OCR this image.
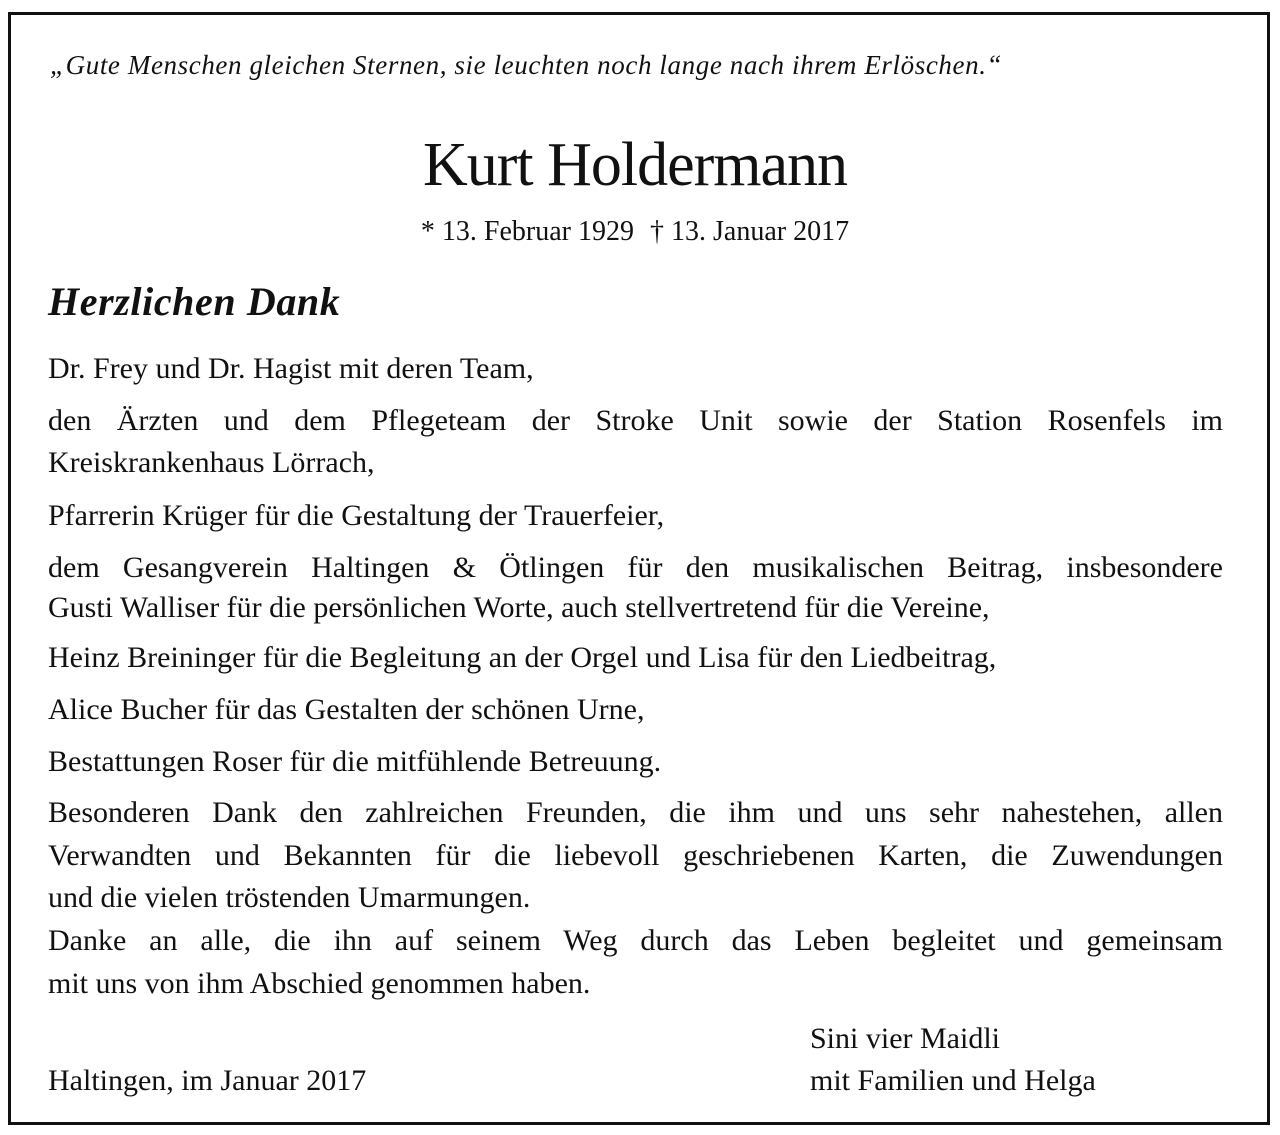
„Gute Menschen gleichen Sternen, sie leuchten noch lange nach ihrem Erlöschen.“

Kurt Holdermann
* 13. Februar 1929 † 13. Januar 2017
Herzlichen Dank

Dr. Frey und Dr. Hagist mit deren Team,

den Ärzten und dem Pflegeteam der Stroke Unit sowie der Station Rosenfels im

Kreiskrankenhaus Lörrach,

Pfarrerin Krüger für die Gestaltung der Trauerfeier,

dem Gesangverein Haltingen & Ötlingen für den musikalischen Beitrag, insbesondere

Gusti Walliser für die persönlichen Worte, auch stellvertretend für die Vereine,

Heinz Breininger für die Begleitung an der Orgel und Lisa für den Liedbeitrag,

Alice Bucher für das Gestalten der schönen Urne,

Bestattungen Roser für die mitfühlende Betreuung.

Besonderen Dank den zahlreichen Freunden, die ihm und uns sehr nahestehen, allen

Verwandten und Bekannten für die liebevoll geschriebenen Karten, die Zuwendungen

und die vielen tröstenden Umarmungen.

Danke an alle, die ihn auf seinem Weg durch das Leben begleitet und gemeinsam

mit uns von ihm Abschied genommen haben.

Haltingen, im Januar 2017

Sini vier Maidli

mit Familien und Helga
